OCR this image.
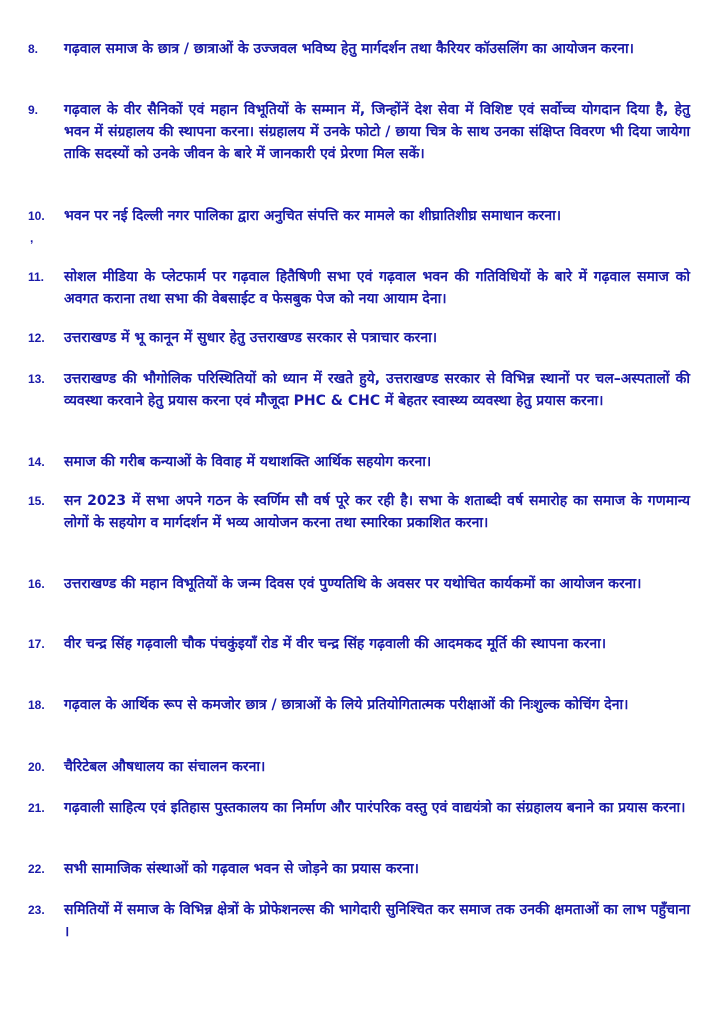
8.	गढ़वाल समाज के छात्र / छात्राओं के उज्जवल भविष्य हेतु मार्गदर्शन तथा कैरियर कॉउसलिंग का आयोजन करना।
9.	गढ़वाल के वीर सैनिकों एवं महान विभूतियों के सम्मान में, जिन्होंनें देश सेवा में विशिष्ट एवं सर्वोच्च योगदान दिया है, हेतु भवन में संग्रहालय की स्थापना करना। संग्रहालय में उनके फोटो / छाया चित्र के साथ उनका संक्षिप्त विवरण भी दिया जायेगा ताकि सदस्यों को उनके जीवन के बारे में जानकारी एवं प्रेरणा मिल सकें।
10.
,
भवन पर नई दिल्ली नगर पालिका द्वारा अनुचित संपत्ति कर मामले का शीघ्रातिशीघ्र समाधान करना।
11.	सोशल मीडिया के प्लेटफार्म पर गढ़वाल हितैषिणी सभा एवं गढ़वाल भवन की गतिविधियों के बारे में गढ़वाल समाज को अवगत कराना तथा सभा की वेबसाईट व फेसबुक पेज को नया आयाम देना।
12.	उत्तराखण्ड में भू कानून में सुधार हेतु उत्तराखण्ड सरकार से पत्राचार करना।
13.	उत्तराखण्ड की भौगोलिक परिस्थितियों को ध्यान में रखते हुये, उत्तराखण्ड सरकार से विभिन्न स्थानों पर चल–अस्पतालों की व्यवस्था करवाने हेतु प्रयास करना एवं मौजूदा PHC & CHC में बेहतर स्वास्थ्य व्यवस्था हेतु प्रयास करना।
14.	समाज की गरीब कन्याओं के विवाह में यथाशक्ति आर्थिक सहयोग करना।
15.	सन 2023 में सभा अपने गठन के स्वर्णिम सौ वर्ष पूरे कर रही है। सभा के शताब्दी वर्ष समारोह का समाज के गणमान्य लोगों के सहयोग व मार्गदर्शन में भव्य आयोजन करना तथा स्मारिका प्रकाशित करना।
16.	उत्तराखण्ड की महान विभूतियों के जन्म दिवस एवं पुण्यतिथि के अवसर पर यथोचित कार्यकमों का आयोजन करना।
17.	वीर चन्द्र सिंह गढ़वाली चौक पंचकुंइयाँ रोड में वीर चन्द्र सिंह गढ़वाली की आदमकद मूर्ति की स्थापना करना।
18.	गढ़वाल के आर्थिक रूप से कमजोर छात्र / छात्राओं के लिये प्रतियोगितात्मक परीक्षाओं की निःशुल्क कोचिंग देना।
20.	चैरिटेबल औषधालय का संचालन करना।
21.	गढ़वाली साहित्य एवं इतिहास पुस्तकालय का निर्माण और पारंपरिक वस्तु एवं वाद्ययंत्रो का संग्रहालय बनाने का प्रयास करना।
22.	सभी सामाजिक संस्थाओं को गढ़वाल भवन से जोड़ने का प्रयास करना।
23.	समितियों में समाज के विभिन्न क्षेत्रों के प्रोफेशनल्स की भागेदारी सुनिश्चित कर समाज तक उनकी क्षमताओं का लाभ पहुँचाना ।
